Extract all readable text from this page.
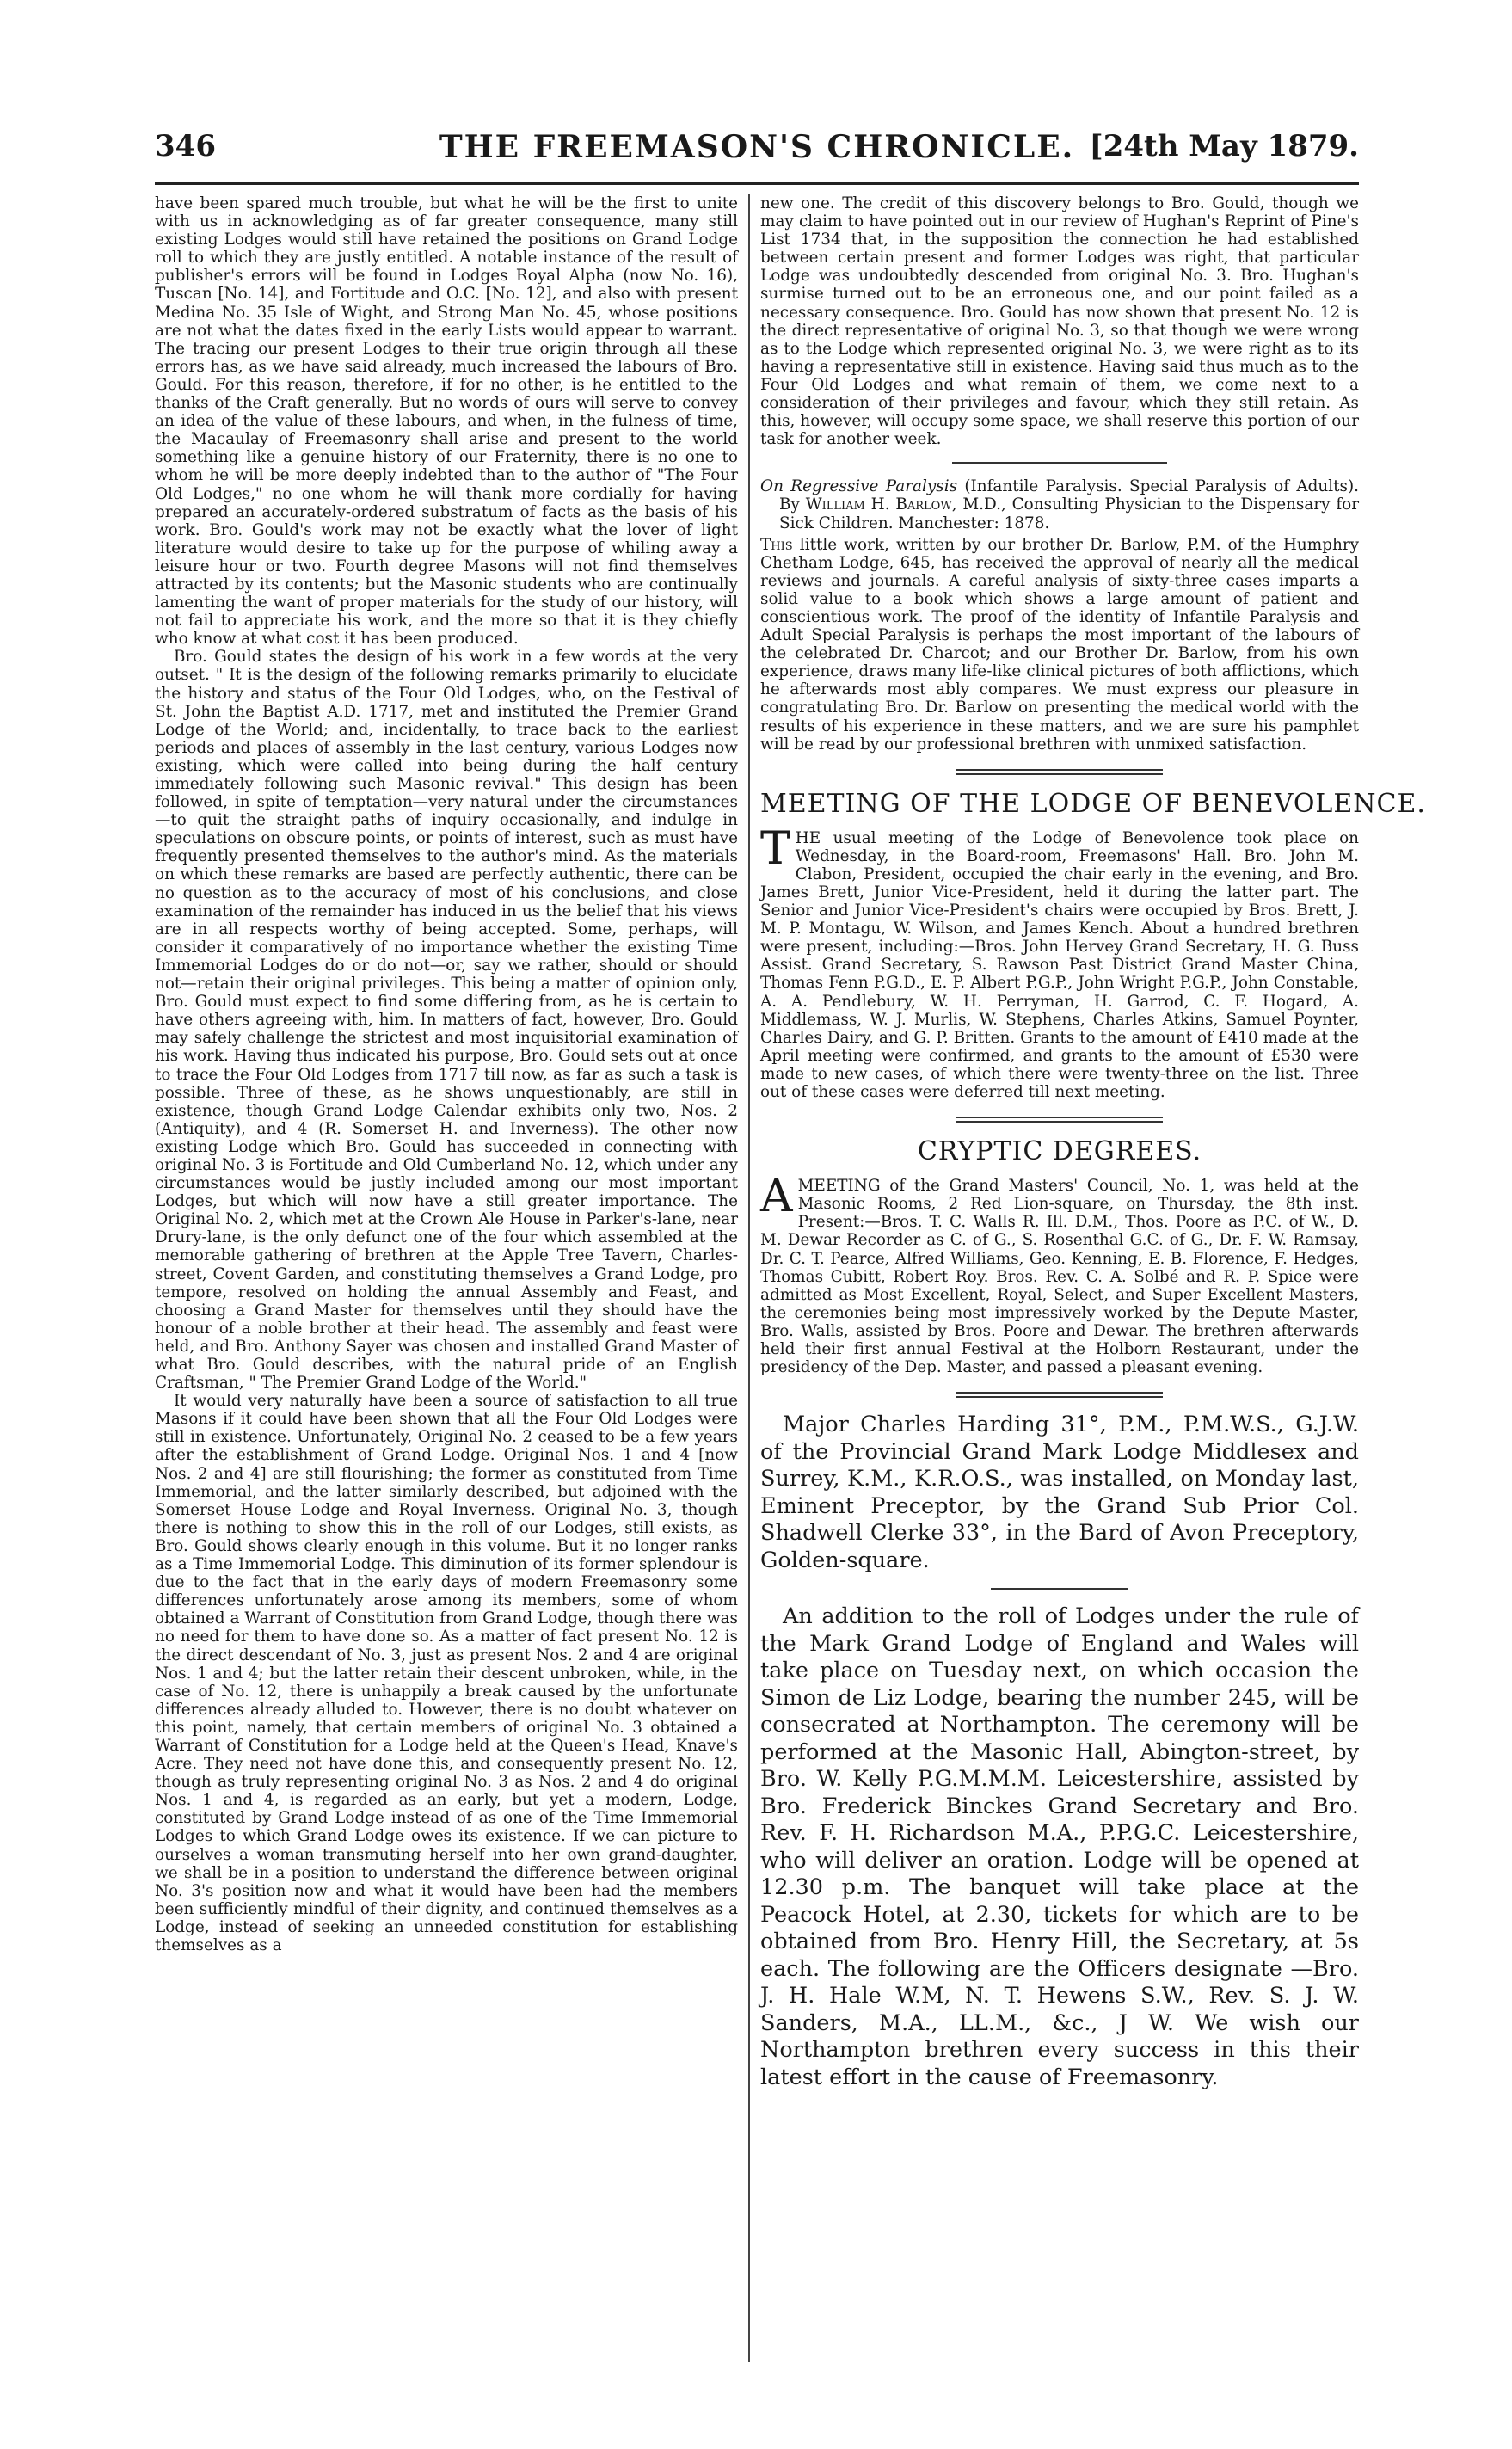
THE FREEMASON'S CHRONICLE.
346	[24th May 1879.

have been spared much trouble, but what he will be the first to unite with us in acknowledging as of far greater consequence, many still existing Lodges would still have retained the positions on Grand Lodge roll to which they are justly entitled. A notable instance of the result of publisher's errors will be found in Lodges Royal Alpha (now No. 16), Tuscan [No. 14], and Fortitude and O.C. [No. 12], and also with present Medina No. 35 Isle of Wight, and Strong Man No. 45, whose positions are not what the dates fixed in the early Lists would appear to warrant. The tracing our present Lodges to their true origin through all these errors has, as we have said already, much increased the labours of Bro. Gould. For this reason, therefore, if for no other, is he entitled to the thanks of the Craft generally. But no words of ours will serve to convey an idea of the value of these labours, and when, in the fulness of time, the Macaulay of Freemasonry shall arise and present to the world something like a genuine history of our Fraternity, there is no one to whom he will be more deeply indebted than to the author of "The Four Old Lodges," no one whom he will thank more cordially for having prepared an accurately-ordered substratum of facts as the basis of his work. Bro. Gould's work may not be exactly what the lover of light literature would desire to take up for the purpose of whiling away a leisure hour or two. Fourth degree Masons will not find themselves attracted by its contents; but the Masonic students who are continually lamenting the want of proper materials for the study of our history, will not fail to appreciate his work, and the more so that it is they chiefly who know at what cost it has been produced.

Bro. Gould states the design of his work in a few words at the very outset. " It is the design of the following remarks primarily to elucidate the history and status of the Four Old Lodges, who, on the Festival of St. John the Baptist A.D. 1717, met and instituted the Premier Grand Lodge of the World; and, incidentally, to trace back to the earliest periods and places of assembly in the last century, various Lodges now existing, which were called into being during the half century immediately following such Masonic revival." This design has been followed, in spite of temptation—very natural under the circumstances—to quit the straight paths of inquiry occasionally, and indulge in speculations on obscure points, or points of interest, such as must have frequently presented themselves to the author's mind. As the materials on which these remarks are based are perfectly authentic, there can be no question as to the accuracy of most of his conclusions, and close examination of the remainder has induced in us the belief that his views are in all respects worthy of being accepted. Some, perhaps, will consider it comparatively of no importance whether the existing Time Immemorial Lodges do or do not—or, say we rather, should or should not—retain their original privileges. This being a matter of opinion only, Bro. Gould must expect to find some differing from, as he is certain to have others agreeing with, him. In matters of fact, however, Bro. Gould may safely challenge the strictest and most inquisitorial examination of his work. Having thus indicated his purpose, Bro. Gould sets out at once to trace the Four Old Lodges from 1717 till now, as far as such a task is possible. Three of these, as he shows unquestionably, are still in existence, though Grand Lodge Calendar exhibits only two, Nos. 2 (Antiquity), and 4 (R. Somerset H. and Inverness). The other now existing Lodge which Bro. Gould has succeeded in connecting with original No. 3 is Fortitude and Old Cumberland No. 12, which under any circumstances would be justly included among our most important Lodges, but which will now have a still greater importance. The Original No. 2, which met at the Crown Ale House in Parker's-lane, near Drury-lane, is the only defunct one of the four which assembled at the memorable gathering of brethren at the Apple Tree Tavern, Charles-street, Covent Garden, and constituting themselves a Grand Lodge, pro tempore, resolved on holding the annual Assembly and Feast, and choosing a Grand Master for themselves until they should have the honour of a noble brother at their head. The assembly and feast were held, and Bro. Anthony Sayer was chosen and installed Grand Master of what Bro. Gould describes, with the natural pride of an English Craftsman, " The Premier Grand Lodge of the World."

It would very naturally have been a source of satisfaction to all true Masons if it could have been shown that all the Four Old Lodges were still in existence. Unfortunately, Original No. 2 ceased to be a few years after the establishment of Grand Lodge. Original Nos. 1 and 4 [now Nos. 2 and 4] are still flourishing; the former as constituted from Time Immemorial, and the latter similarly described, but adjoined with the Somerset House Lodge and Royal Inverness. Original No. 3, though there is nothing to show this in the roll of our Lodges, still exists, as Bro. Gould shows clearly enough in this volume. But it no longer ranks as a Time Immemorial Lodge. This diminution of its former splendour is due to the fact that in the early days of modern Freemasonry some differences unfortunately arose among its members, some of whom obtained a Warrant of Constitution from Grand Lodge, though there was no need for them to have done so. As a matter of fact present No. 12 is the direct descendant of No. 3, just as present Nos. 2 and 4 are original Nos. 1 and 4; but the latter retain their descent unbroken, while, in the case of No. 12, there is unhappily a break caused by the unfortunate differences already alluded to. However, there is no doubt whatever on this point, namely, that certain members of original No. 3 obtained a Warrant of Constitution for a Lodge held at the Queen's Head, Knave's Acre. They need not have done this, and consequently present No. 12, though as truly representing original No. 3 as Nos. 2 and 4 do original Nos. 1 and 4, is regarded as an early, but yet a modern, Lodge, constituted by Grand Lodge instead of as one of the Time Immemorial Lodges to which Grand Lodge owes its existence. If we can picture to ourselves a woman transmuting herself into her own grand-daughter, we shall be in a position to understand the difference between original No. 3's position now and what it would have been had the members been sufficiently mindful of their dignity, and continued themselves as a Lodge, instead of seeking an unneeded constitution for establishing themselves as a

new one. The credit of this discovery belongs to Bro. Gould, though we may claim to have pointed out in our review of Hughan's Reprint of Pine's List 1734 that, in the supposition the connection he had established between certain present and former Lodges was right, that particular Lodge was undoubtedly descended from original No. 3. Bro. Hughan's surmise turned out to be an erroneous one, and our point failed as a necessary consequence. Bro. Gould has now shown that present No. 12 is the direct representative of original No. 3, so that though we were wrong as to the Lodge which represented original No. 3, we were right as to its having a representative still in existence. Having said thus much as to the Four Old Lodges and what remain of them, we come next to a consideration of their privileges and favour, which they still retain. As this, however, will occupy some space, we shall reserve this portion of our task for another week.
On Regressive Paralysis (Infantile Paralysis. Special Paralysis of Adults). By William H. Barlow, M.D., Consulting Physician to the Dispensary for Sick Children. Manchester: 1878.
This little work, written by our brother Dr. Barlow, P.M. of the Humphry Chetham Lodge, 645, has received the approval of nearly all the medical reviews and journals. A careful analysis of sixty-three cases imparts a solid value to a book which shows a large amount of patient and conscientious work. The proof of the identity of Infantile Paralysis and Adult Special Paralysis is perhaps the most important of the labours of the celebrated Dr. Charcot; and our Brother Dr. Barlow, from his own experience, draws many life-like clinical pictures of both afflictions, which he afterwards most ably compares. We must express our pleasure in congratulating Bro. Dr. Barlow on presenting the medical world with the results of his experience in these matters, and we are sure his pamphlet will be read by our professional brethren with unmixed satisfaction.
MEETING OF THE LODGE OF BENEVOLENCE.
THE usual meeting of the Lodge of Benevolence took place on Wednesday, in the Board-room, Freemasons' Hall. Bro. John M. Clabon, President, occupied the chair early in the evening, and Bro. James Brett, Junior Vice-President, held it during the latter part. The Senior and Junior Vice-President's chairs were occupied by Bros. Brett, J. M. P. Montagu, W. Wilson, and James Kench. About a hundred brethren were present, including:—Bros. John Hervey Grand Secretary, H. G. Buss Assist. Grand Secretary, S. Rawson Past District Grand Master China, Thomas Fenn P.G.D., E. P. Albert P.G.P., John Wright P.G.P., John Constable, A. A. Pendlebury, W. H. Perryman, H. Garrod, C. F. Hogard, A. Middlemass, W. J. Murlis, W. Stephens, Charles Atkins, Samuel Poynter, Charles Dairy, and G. P. Britten. Grants to the amount of £410 made at the April meeting were confirmed, and grants to the amount of £530 were made to new cases, of which there were twenty-three on the list. Three out of these cases were deferred till next meeting.
CRYPTIC DEGREES.
AMEETING of the Grand Masters' Council, No. 1, was held at the Masonic Rooms, 2 Red Lion-square, on Thursday, the 8th inst. Present:—Bros. T. C. Walls R. Ill. D.M., Thos. Poore as P.C. of W., D. M. Dewar Recorder as C. of G., S. Rosenthal G.C. of G., Dr. F. W. Ramsay, Dr. C. T. Pearce, Alfred Williams, Geo. Kenning, E. B. Florence, F. Hedges, Thomas Cubitt, Robert Roy. Bros. Rev. C. A. Solbé and R. P. Spice were admitted as Most Excellent, Royal, Select, and Super Excellent Masters, the ceremonies being most impressively worked by the Depute Master, Bro. Walls, assisted by Bros. Poore and Dewar. The brethren afterwards held their first annual Festival at the Holborn Restaurant, under the presidency of the Dep. Master, and passed a pleasant evening.

Major Charles Harding 31°, P.M., P.M.W.S., G.J.W. of the Provincial Grand Mark Lodge Middlesex and Surrey, K.M., K.R.O.S., was installed, on Monday last, Eminent Preceptor, by the Grand Sub Prior Col. Shadwell Clerke 33°, in the Bard of Avon Preceptory, Golden-square.

An addition to the roll of Lodges under the rule of the Mark Grand Lodge of England and Wales will take place on Tuesday next, on which occasion the Simon de Liz Lodge, bearing the number 245, will be consecrated at Northampton. The ceremony will be performed at the Masonic Hall, Abington-street, by Bro. W. Kelly P.G.M.M.M. Leicestershire, assisted by Bro. Frederick Binckes Grand Secretary and Bro. Rev. F. H. Richardson M.A., P.P.G.C. Leicestershire, who will deliver an oration. Lodge will be opened at 12.30 p.m. The banquet will take place at the Peacock Hotel, at 2.30, tickets for which are to be obtained from Bro. Henry Hill, the Secretary, at 5s each. The following are the Officers designate —Bro. J. H. Hale W.M, N. T. Hewens S.W., Rev. S. J. W. Sanders, M.A., LL.M., &c., J W. We wish our Northampton brethren every success in this their latest effort in the cause of Freemasonry.
